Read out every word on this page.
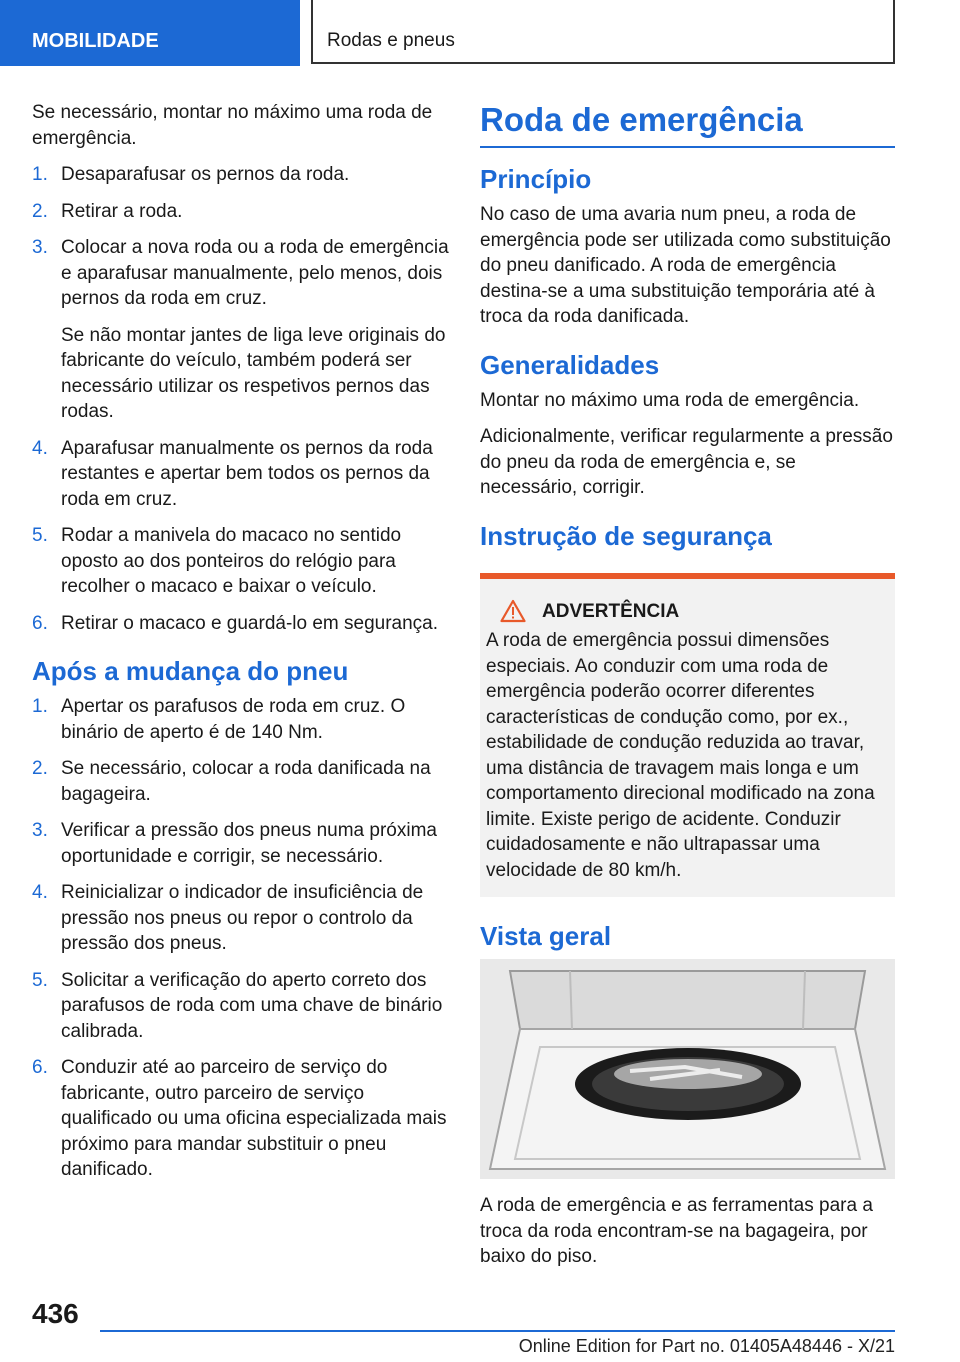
MOBILIDADE	Rodas e pneus

Se necessário, montar no máximo uma roda de emergência.

1. Desaparafusar os pernos da roda.
2. Retirar a roda.
3. Colocar a nova roda ou a roda de emergência e aparafusar manualmente, pelo menos, dois pernos da roda em cruz.

Se não montar jantes de liga leve originais do fabricante do veículo, também poderá ser necessário utilizar os respetivos pernos das rodas.

4. Aparafusar manualmente os pernos da roda restantes e apertar bem todos os pernos da roda em cruz.
5. Rodar a manivela do macaco no sentido oposto ao dos ponteiros do relógio para recolher o macaco e baixar o veículo.
6. Retirar o macaco e guardá-lo em segurança.
Após a mudança do pneu
1. Apertar os parafusos de roda em cruz. O binário de aperto é de 140 Nm.
2. Se necessário, colocar a roda danificada na bagageira.
3. Verificar a pressão dos pneus numa próxima oportunidade e corrigir, se necessário.
4. Reinicializar o indicador de insuficiência de pressão nos pneus ou repor o controlo da pressão dos pneus.
5. Solicitar a verificação do aperto correto dos parafusos de roda com uma chave de binário calibrada.
6. Conduzir até ao parceiro de serviço do fabricante, outro parceiro de serviço qualificado ou uma oficina especializada mais próximo para mandar substituir o pneu danificado.
Roda de emergência
Princípio

No caso de uma avaria num pneu, a roda de emergência pode ser utilizada como substituição do pneu danificado. A roda de emergência destina-se a uma substituição temporária até à troca da roda danificada.

Generalidades

Montar no máximo uma roda de emergência.

Adicionalmente, verificar regularmente a pressão do pneu da roda de emergência e, se necessário, corrigir.

Instrução de segurança
ADVERTÊNCIA

A roda de emergência possui dimensões especiais. Ao conduzir com uma roda de emergência poderão ocorrer diferentes características de condução como, por ex., estabilidade de condução reduzida ao travar, uma distância de travagem mais longa e um comportamento direcional modificado na zona limite. Existe perigo de acidente. Conduzir cuidadosamente e não ultrapassar uma velocidade de 80 km/h.

Vista geral

A roda de emergência e as ferramentas para a troca da roda encontram-se na bagageira, por baixo do piso.

436
Online Edition for Part no. 01405A48446 - X/21
